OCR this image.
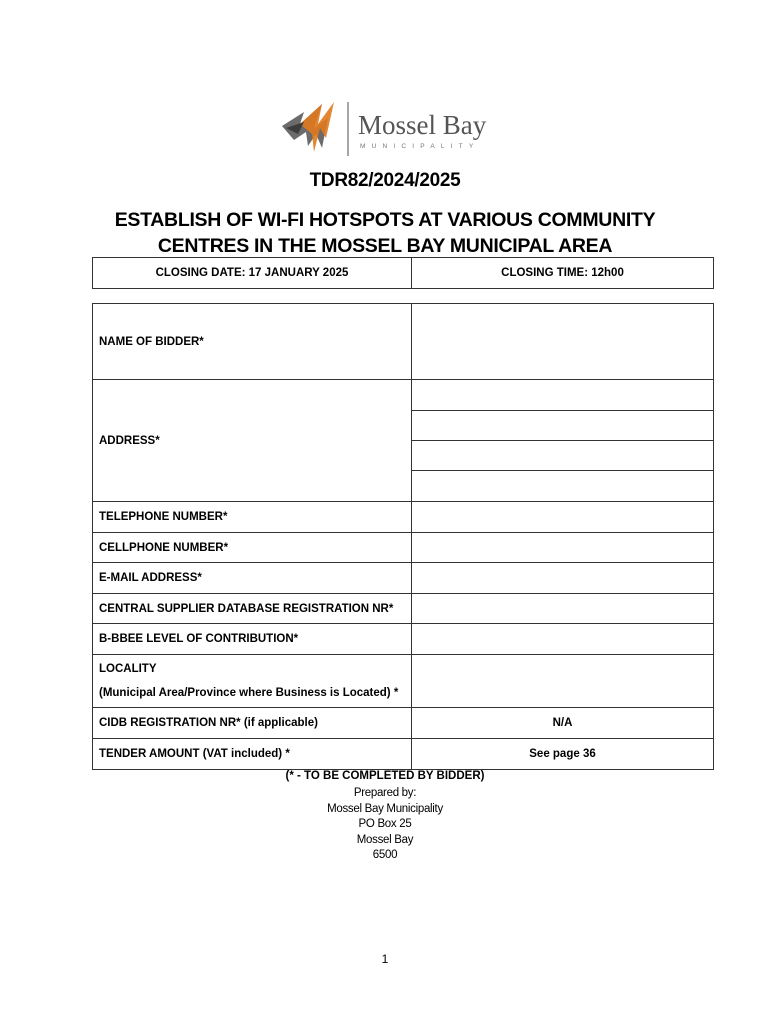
Mossel Bay
MUNICIPALITY
TDR82/2024/2025
ESTABLISH OF WI-FI HOTSPOTS AT VARIOUS COMMUNITY
CENTRES IN THE MOSSEL BAY MUNICIPAL AREA
CLOSING DATE: 17 JANUARY 2025	CLOSING TIME: 12h00
NAME OF BIDDER*	
ADDRESS*	

TELEPHONE NUMBER*	
CELLPHONE NUMBER*	
E-MAIL ADDRESS*	
CENTRAL SUPPLIER DATABASE REGISTRATION NR*	
B-BBEE LEVEL OF CONTRIBUTION*	
LOCALITY
(Municipal Area/Province where Business is Located) *	

CIDB REGISTRATION NR* (if applicable)	N/A
TENDER AMOUNT (VAT included) *	See page 36
(* - TO BE COMPLETED BY BIDDER)
Prepared by:
Mossel Bay Municipality
PO Box 25
Mossel Bay
6500
1
